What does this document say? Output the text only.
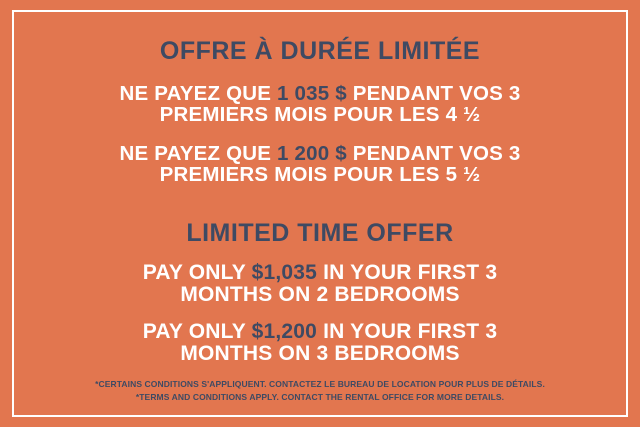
OFFRE À DURÉE LIMITÉE
NE PAYEZ QUE 1 035 $ PENDANT VOS 3 PREMIERS MOIS POUR LES 4 ½
NE PAYEZ QUE 1 200 $ PENDANT VOS 3 PREMIERS MOIS POUR LES 5 ½
LIMITED TIME OFFER
PAY ONLY $1,035 IN YOUR FIRST 3 MONTHS ON 2 BEDROOMS
PAY ONLY $1,200 IN YOUR FIRST 3 MONTHS ON 3 BEDROOMS
*CERTAINS CONDITIONS S'APPLIQUENT. CONTACTEZ LE BUREAU DE LOCATION POUR PLUS DE DÉTAILS.
*TERMS AND CONDITIONS APPLY. CONTACT THE RENTAL OFFICE FOR MORE DETAILS.
